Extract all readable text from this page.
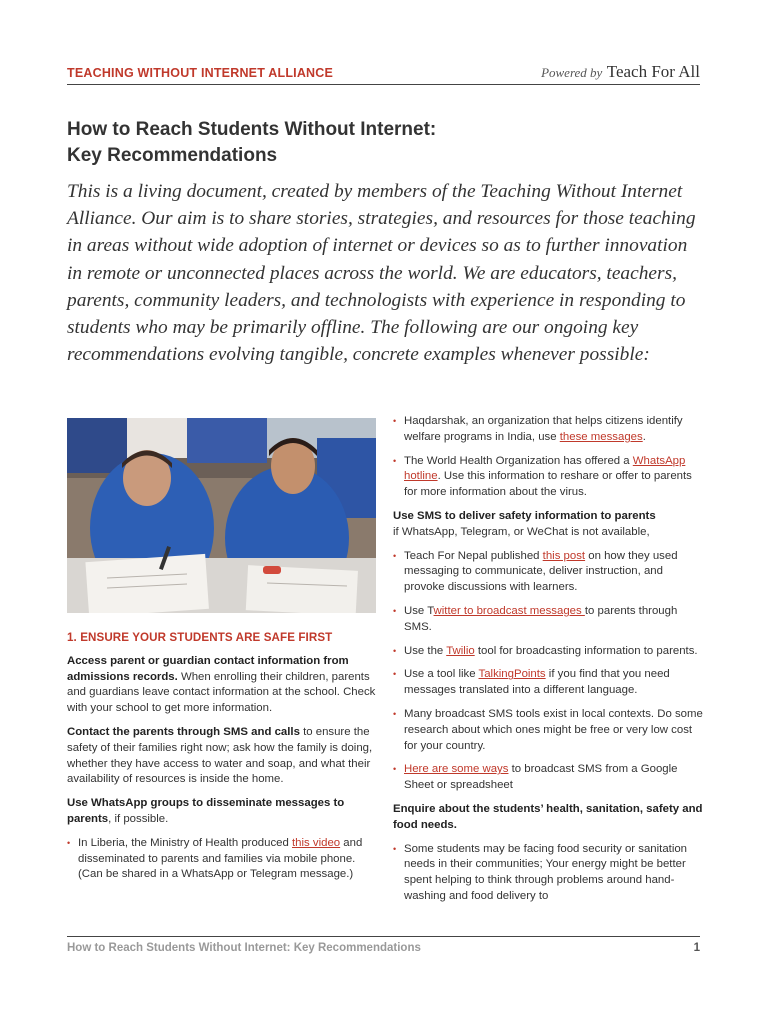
TEACHING WITHOUT INTERNET ALLIANCE	Powered by Teach For All
How to Reach Students Without Internet:
Key Recommendations
This is a living document, created by members of the Teaching Without Internet Alliance. Our aim is to share stories, strategies, and resources for those teaching in areas without wide adoption of internet or devices so as to further innovation in remote or unconnected places across the world. We are educators, teachers, parents, community leaders, and technologists with experience in responding to students who may be primarily offline. The following are our ongoing key recommendations evolving tangible, concrete examples whenever possible:
1. ENSURE YOUR STUDENTS ARE SAFE FIRST
Access parent or guardian contact information from admissions records. When enrolling their children, parents and guardians leave contact information at the school. Check with your school to get more information.
Contact the parents through SMS and calls to ensure the safety of their families right now; ask how the family is doing, whether they have access to water and soap, and what their availability of resources is inside the home.
Use WhatsApp groups to disseminate messages to parents, if possible.
• In Liberia, the Ministry of Health produced this video and disseminated to parents and families via mobile phone. (Can be shared in a WhatsApp or Telegram message.)
• Haqdarshak, an organization that helps citizens identify welfare programs in India, use these messages.
• The World Health Organization has offered a WhatsApp hotline. Use this information to reshare or offer to parents for more information about the virus.
Use SMS to deliver safety information to parents
if WhatsApp, Telegram, or WeChat is not available,
• Teach For Nepal published this post on how they used messaging to communicate, deliver instruction, and provoke discussions with learners.
• Use Twitter to broadcast messages to parents through SMS.
• Use the Twilio tool for broadcasting information to parents.
• Use a tool like TalkingPoints if you find that you need messages translated into a different language.
• Many broadcast SMS tools exist in local contexts. Do some research about which ones might be free or very low cost for your country.
• Here are some ways to broadcast SMS from a Google Sheet or spreadsheet
Enquire about the students’ health, sanitation, safety and food needs.
• Some students may be facing food security or sanitation needs in their communities; Your energy might be better spent helping to think through problems around hand-washing and food delivery to
How to Reach Students Without Internet: Key Recommendations	1
